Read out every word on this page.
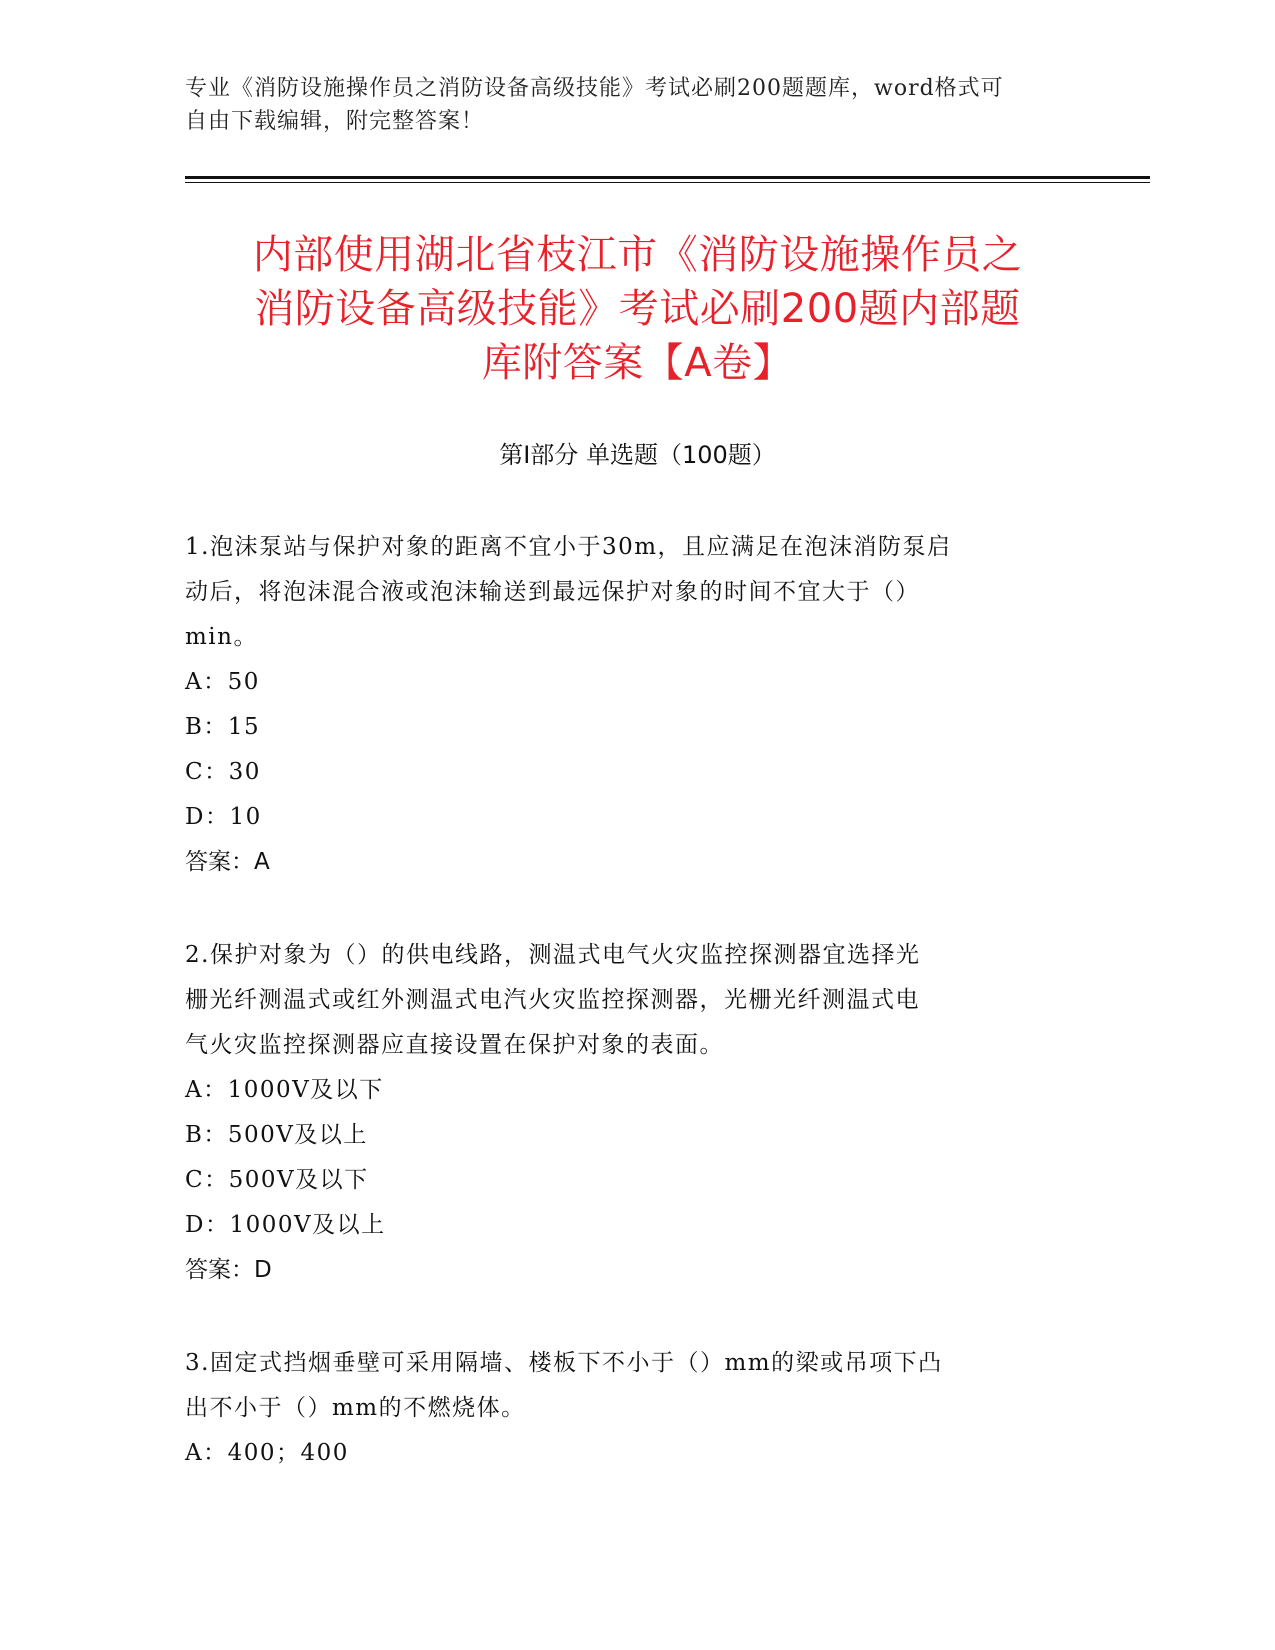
专业《消防设施操作员之消防设备高级技能》考试必刷200题题库，word格式可
自由下载编辑，附完整答案！
内部使用湖北省枝江市《消防设施操作员之
消防设备高级技能》考试必刷200题内部题
库附答案【A卷】
第Ⅰ部分 单选题（100题）
1.泡沫泵站与保护对象的距离不宜小于30m，且应满足在泡沫消防泵启
动后，将泡沫混合液或泡沫输送到最远保护对象的时间不宜大于（）
min。
A：50
B：15
C：30
D：10
答案：A
2.保护对象为（）的供电线路，测温式电气火灾监控探测器宜选择光
栅光纤测温式或红外测温式电汽火灾监控探测器，光栅光纤测温式电
气火灾监控探测器应直接设置在保护对象的表面。
A：1000V及以下
B：500V及以上
C：500V及以下
D：1000V及以上
答案：D
3.固定式挡烟垂壁可采用隔墙、楼板下不小于（）mm的梁或吊项下凸
出不小于（）mm的不燃烧体。
A：400；400
